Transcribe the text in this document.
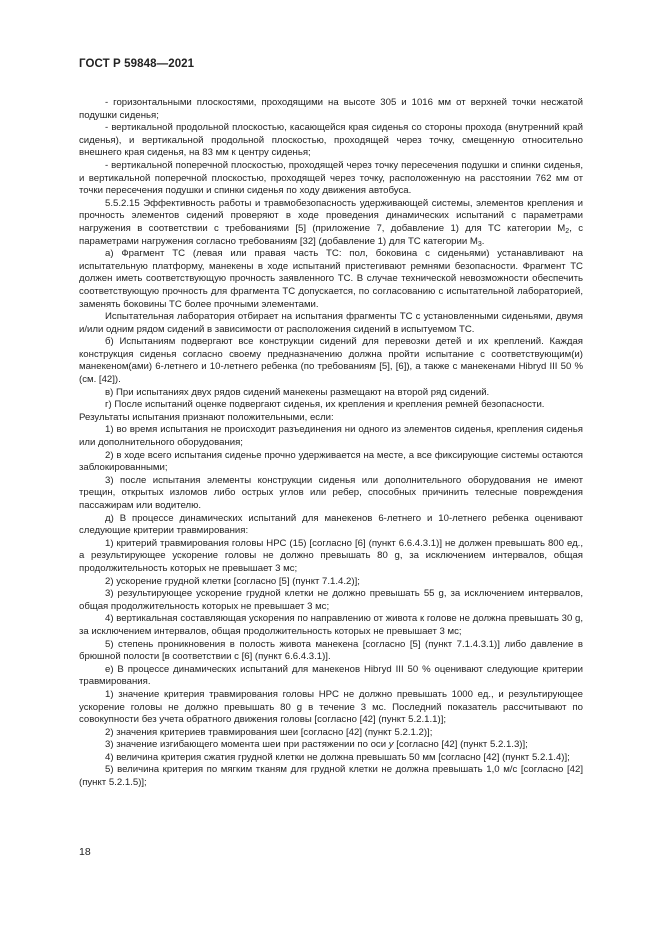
ГОСТ Р 59848—2021

- горизонтальными плоскостями, проходящими на высоте 305 и 1016 мм от верхней точки несжатой подушки сиденья;

- вертикальной продольной плоскостью, касающейся края сиденья со стороны прохода (внутренний край сиденья), и вертикальной продольной плоскостью, проходящей через точку, смещенную относительно внешнего края сиденья, на 83 мм к центру сиденья;

- вертикальной поперечной плоскостью, проходящей через точку пересечения подушки и спинки сиденья, и вертикальной поперечной плоскостью, проходящей через точку, расположенную на расстоянии 762 мм от точки пересечения подушки и спинки сиденья по ходу движения автобуса.

5.5.2.15 Эффективность работы и травмобезопасность удерживающей системы, элементов крепления и прочность элементов сидений проверяют в ходе проведения динамических испытаний с параметрами нагружения в соответствии с требованиями [5] (приложение 7, добавление 1) для ТС категории $М_2$, с параметрами нагружения согласно требованиям [32] (добавление 1) для ТС категории $М_3$.

а) Фрагмент ТС (левая или правая часть ТС: пол, боковина с сиденьями) устанавливают на испытательную платформу, манекены в ходе испытаний пристегивают ремнями безопасности. Фрагмент ТС должен иметь соответствующую прочность заявленного ТС. В случае технической невозможности обеспечить соответствующую прочность для фрагмента ТС допускается, по согласованию с испытательной лабораторией, заменять боковины ТС более прочными элементами.

Испытательная лаборатория отбирает на испытания фрагменты ТС с установленными сиденьями, двумя и/или одним рядом сидений в зависимости от расположения сидений в испытуемом ТС.

б) Испытаниям подвергают все конструкции сидений для перевозки детей и их креплений. Каждая конструкция сиденья согласно своему предназначению должна пройти испытание с соответствующим(и) манекеном(ами) 6-летнего и 10-летнего ребенка (по требованиям [5], [6]), а также с манекенами Hibryd III 50 % (см. [42]).

в) При испытаниях двух рядов сидений манекены размещают на второй ряд сидений.

г) После испытаний оценке подвергают сиденья, их крепления и крепления ремней безопасности.

Результаты испытания признают положительными, если:

1) во время испытания не происходит разъединения ни одного из элементов сиденья, крепления сиденья или дополнительного оборудования;

2) в ходе всего испытания сиденье прочно удерживается на месте, а все фиксирующие системы остаются заблокированными;

3) после испытания элементы конструкции сиденья или дополнительного оборудования не имеют трещин, открытых изломов либо острых углов или ребер, способных причинить телесные повреждения пассажирам или водителю.

д) В процессе динамических испытаний для манекенов 6-летнего и 10-летнего ребенка оценивают следующие критерии травмирования:

1) критерий травмирования головы НРС (15) [согласно [6] (пункт 6.6.4.3.1)] не должен превышать 800 ед., а результирующее ускорение головы не должно превышать 80 g, за исключением интервалов, общая продолжительность которых не превышает 3 мс;

2) ускорение грудной клетки [согласно [5] (пункт 7.1.4.2)];

3) результирующее ускорение грудной клетки не должно превышать 55 g, за исключением интервалов, общая продолжительность которых не превышает 3 мс;

4) вертикальная составляющая ускорения по направлению от живота к голове не должна превышать 30 g, за исключением интервалов, общая продолжительность которых не превышает 3 мс;

5) степень проникновения в полость живота манекена [согласно [5] (пункт 7.1.4.3.1)] либо давление в брюшной полости [в соответствии с [6] (пункт 6.6.4.3.1)].

е) В процессе динамических испытаний для манекенов Hibryd III 50 % оценивают следующие критерии травмирования.

1) значение критерия травмирования головы НРС не должно превышать 1000 ед., и результирующее ускорение головы не должно превышать 80 g в течение 3 мс. Последний показатель рассчитывают по совокупности без учета обратного движения головы [согласно [42] (пункт 5.2.1.1)];

2) значения критериев травмирования шеи [согласно [42] (пункт 5.2.1.2)];

3) значение изгибающего момента шеи при растяжении по оси y [согласно [42] (пункт 5.2.1.3)];

4) величина критерия сжатия грудной клетки не должна превышать 50 мм [согласно [42] (пункт 5.2.1.4)];

5) величина критерия по мягким тканям для грудной клетки не должна превышать 1,0 м/с [согласно [42] (пункт 5.2.1.5)];

18
